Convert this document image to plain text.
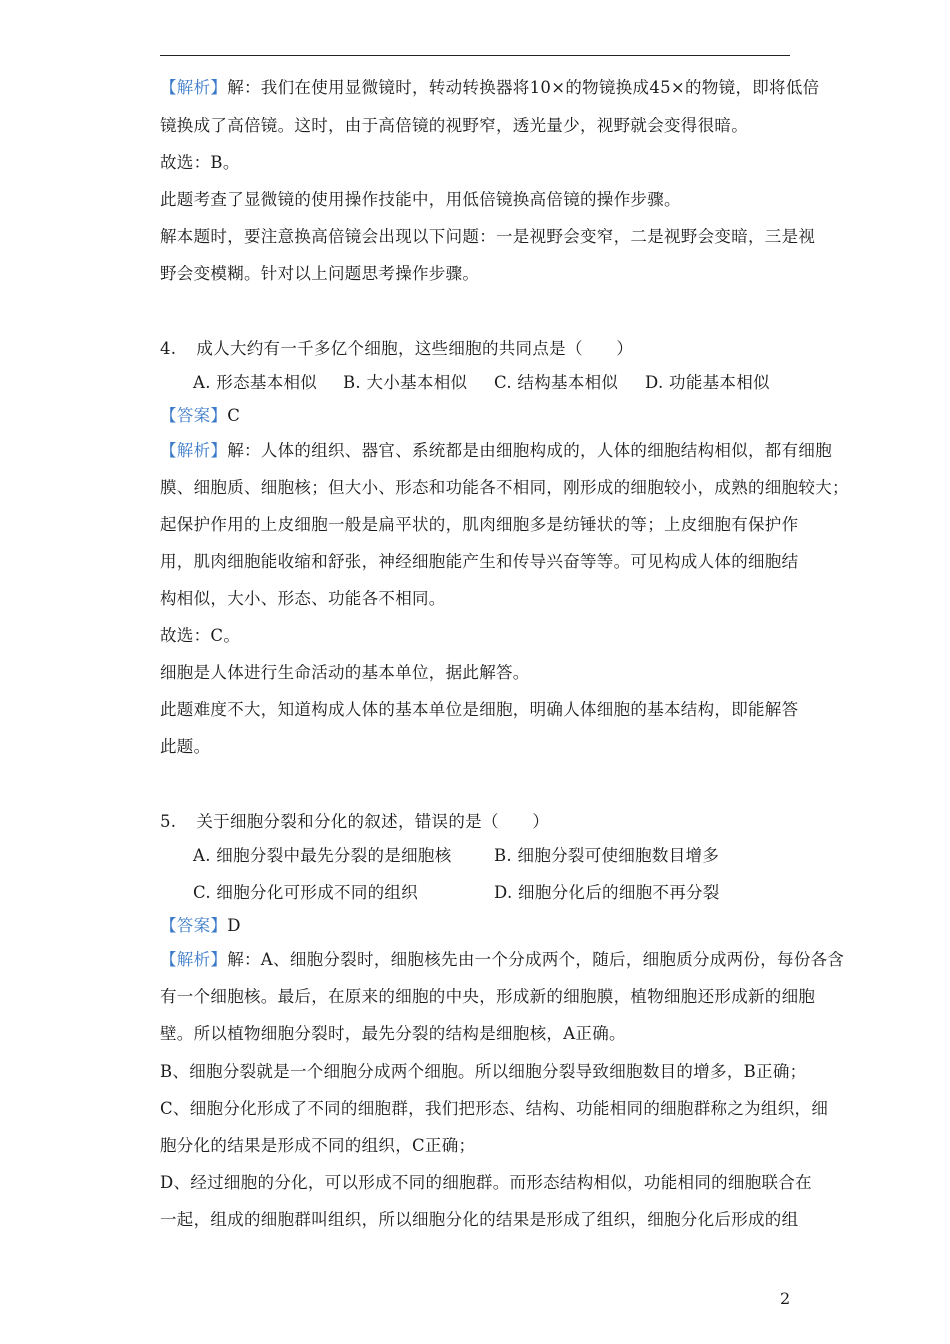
【解析】解：我们在使用显微镜时，转动转换器将10×的物镜换成45×的物镜，即将低倍
镜换成了高倍镜。这时，由于高倍镜的视野窄，透光量少，视野就会变得很暗。
故选：B。
此题考查了显微镜的使用操作技能中，用低倍镜换高倍镜的操作步骤。
解本题时，要注意换高倍镜会出现以下问题：一是视野会变窄，二是视野会变暗，三是视
野会变模糊。针对以上问题思考操作步骤。
4. 成人大约有一千多亿个细胞，这些细胞的共同点是（　　）
A. 形态基本相似 B. 大小基本相似 C. 结构基本相似 D. 功能基本相似
【答案】C
【解析】解：人体的组织、器官、系统都是由细胞构成的，人体的细胞结构相似，都有细胞
膜、细胞质、细胞核；但大小、形态和功能各不相同，刚形成的细胞较小，成熟的细胞较大；
起保护作用的上皮细胞一般是扁平状的，肌肉细胞多是纺锤状的等；上皮细胞有保护作
用，肌肉细胞能收缩和舒张，神经细胞能产生和传导兴奋等等。可见构成人体的细胞结
构相似，大小、形态、功能各不相同。
故选：C。
细胞是人体进行生命活动的基本单位，据此解答。
此题难度不大，知道构成人体的基本单位是细胞，明确人体细胞的基本结构，即能解答
此题。
5. 关于细胞分裂和分化的叙述，错误的是（　　）
A. 细胞分裂中最先分裂的是细胞核	B. 细胞分裂可使细胞数目增多
C. 细胞分化可形成不同的组织	D. 细胞分化后的细胞不再分裂
【答案】D
【解析】解：A、细胞分裂时，细胞核先由一个分成两个，随后，细胞质分成两份，每份各含
有一个细胞核。最后，在原来的细胞的中央，形成新的细胞膜，植物细胞还形成新的细胞
壁。所以植物细胞分裂时，最先分裂的结构是细胞核，A正确。
B、细胞分裂就是一个细胞分成两个细胞。所以细胞分裂导致细胞数目的增多，B正确；
C、细胞分化形成了不同的细胞群，我们把形态、结构、功能相同的细胞群称之为组织，细
胞分化的结果是形成不同的组织，C正确；
D、经过细胞的分化，可以形成不同的细胞群。而形态结构相似，功能相同的细胞联合在
一起，组成的细胞群叫组织，所以细胞分化的结果是形成了组织，细胞分化后形成的组
2
